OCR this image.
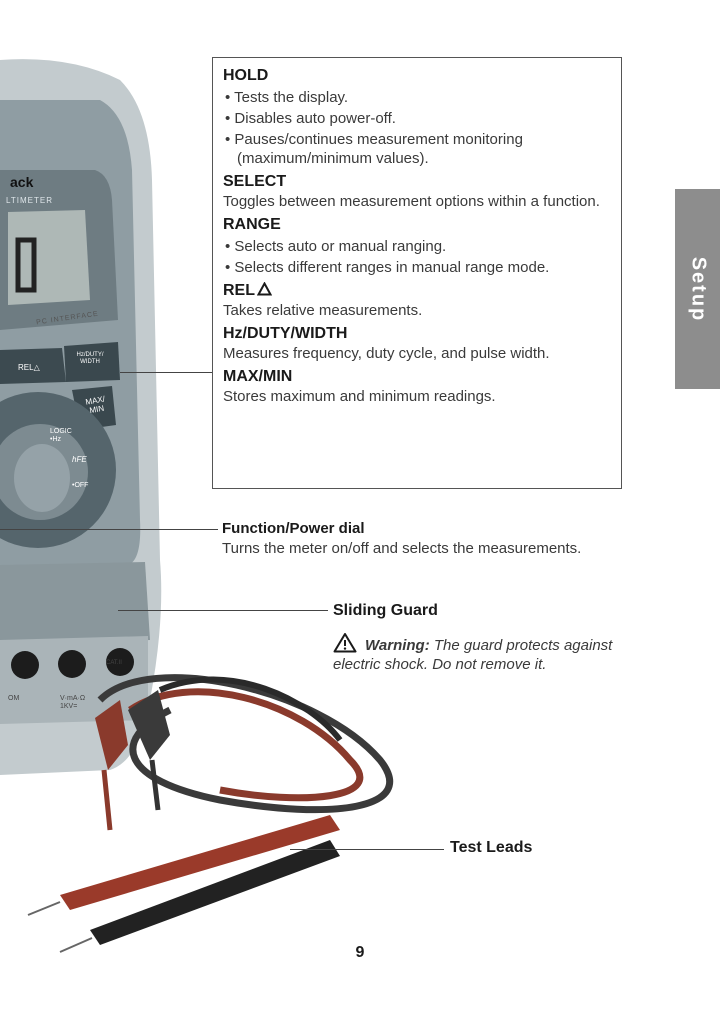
ack
LTIMETER
PC INTERFACE
REL△
Hz/DUTY/ WIDTH
MAX/ MIN
LOGIC •Hz
hFE
•OFF
CAT.II
OM	V·mA·Ω 1KV=
HOLD

• Tests the display.

• Disables auto power-off.

• Pauses/continues measurement monitoring (maximum/minimum values).

SELECT

Toggles between measurement options within a function.

RANGE

• Selects auto or manual ranging.

• Selects different ranges in manual range mode.

REL

Takes relative measurements.

Hz/DUTY/WIDTH

Measures frequency, duty cycle, and pulse width.

MAX/MIN

Stores maximum and minimum readings.

Setup
Function/Power dial

Turns the meter on/off and selects the measurements.

Sliding Guard

Warning: The guard protects against electric shock. Do not remove it.

Test Leads
9
